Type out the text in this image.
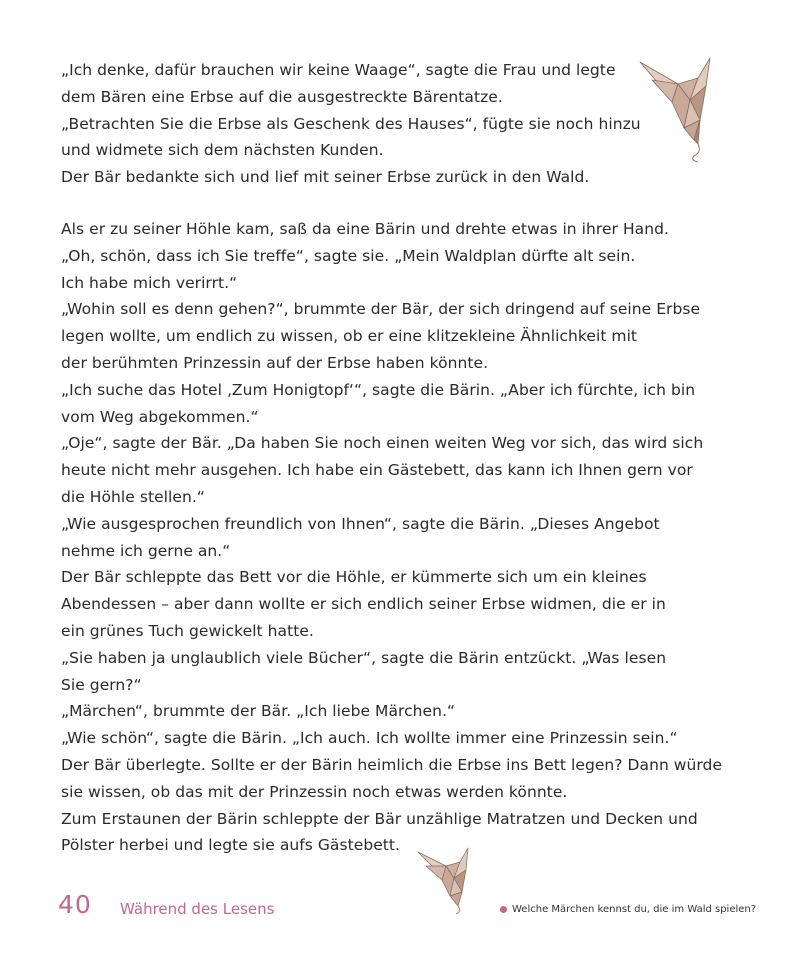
„Ich denke, dafür brauchen wir keine Waage“, sagte die Frau und legte
dem Bären eine Erbse auf die ausgestreckte Bärentatze.
„Betrachten Sie die Erbse als Geschenk des Hauses“, fügte sie noch hinzu
und widmete sich dem nächsten Kunden.
Der Bär bedankte sich und lief mit seiner Erbse zurück in den Wald.
Als er zu seiner Höhle kam, saß da eine Bärin und drehte etwas in ihrer Hand.
„Oh, schön, dass ich Sie treffe“, sagte sie. „Mein Waldplan dürfte alt sein.
Ich habe mich verirrt.“
„Wohin soll es denn gehen?“, brummte der Bär, der sich dringend auf seine Erbse
legen wollte, um endlich zu wissen, ob er eine klitzekleine Ähnlichkeit mit
der berühmten Prinzessin auf der Erbse haben könnte.
„Ich suche das Hotel ‚Zum Honigtopf‘“, sagte die Bärin. „Aber ich fürchte, ich bin
vom Weg abgekommen.“
„Oje“, sagte der Bär. „Da haben Sie noch einen weiten Weg vor sich, das wird sich
heute nicht mehr ausgehen. Ich habe ein Gästebett, das kann ich Ihnen gern vor
die Höhle stellen.“
„Wie ausgesprochen freundlich von Ihnen“, sagte die Bärin. „Dieses Angebot
nehme ich gerne an.“
Der Bär schleppte das Bett vor die Höhle, er kümmerte sich um ein kleines
Abendessen – aber dann wollte er sich endlich seiner Erbse widmen, die er in
ein grünes Tuch gewickelt hatte.
„Sie haben ja unglaublich viele Bücher“, sagte die Bärin entzückt. „Was lesen
Sie gern?“
„Märchen“, brummte der Bär. „Ich liebe Märchen.“
„Wie schön“, sagte die Bärin. „Ich auch. Ich wollte immer eine Prinzessin sein.“
Der Bär überlegte. Sollte er der Bärin heimlich die Erbse ins Bett legen? Dann würde
sie wissen, ob das mit der Prinzessin noch etwas werden könnte.
Zum Erstaunen der Bärin schleppte der Bär unzählige Matratzen und Decken und
Pölster herbei und legte sie aufs Gästebett.
40 Während des Lesens	Welche Märchen kennst du, die im Wald spielen?
